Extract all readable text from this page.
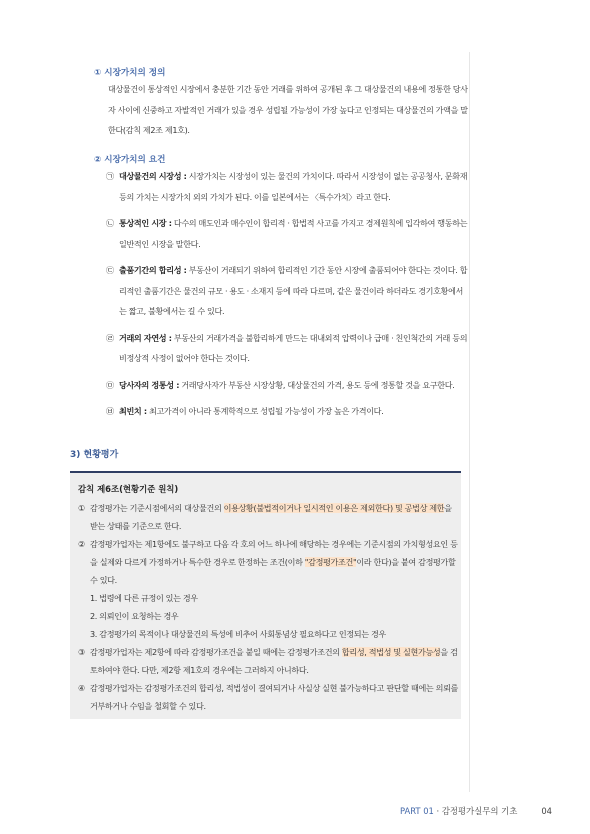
① 시장가치의 정의
대상물건이 통상적인 시장에서 충분한 기간 동안 거래를 위하여 공개된 후 그 대상물건의 내용에 정통한 당사자 사이에 신중하고 자발적인 거래가 있을 경우 성립될 가능성이 가장 높다고 인정되는 대상물건의 가액을 말한다(감칙 제2조 제1호).
② 시장가치의 요건
㉠ 대상물건의 시장성 : 시장가치는 시장성이 있는 물건의 가치이다. 따라서 시장성이 없는 공공청사, 문화재 등의 가치는 시장가치 외의 가치가 된다. 이를 일본에서는 〈특수가치〉라고 한다.
㉡ 통상적인 시장 : 다수의 매도인과 매수인이 합리적 · 합법적 사고를 가지고 경제원칙에 입각하여 행동하는 일반적인 시장을 말한다.
㉢ 출품기간의 합리성 : 부동산이 거래되기 위하여 합리적인 기간 동안 시장에 출품되어야 한다는 것이다. 합리적인 출품기간은 물건의 규모 · 용도 · 소재지 등에 따라 다르며, 같은 물건이라 하더라도 경기호황에서는 짧고, 불황에서는 길 수 있다.
㉣ 거래의 자연성 : 부동산의 거래가격을 불합리하게 만드는 대내외적 압력이나 급매 · 친인척간의 거래 등의 비정상적 사정이 없어야 한다는 것이다.
㉤ 당사자의 정통성 : 거래당사자가 부동산 시장상황, 대상물건의 가격, 용도 등에 정통할 것을 요구한다.
㉥ 최빈치 : 최고가격이 아니라 통계학적으로 성립될 가능성이 가장 높은 가격이다.
3) 현황평가
감칙 제6조(현황기준 원칙)
① 감정평가는 기준시점에서의 대상물건의 이용상황(불법적이거나 일시적인 이용은 제외한다) 및 공법상 제한을 받는 상태를 기준으로 한다.
② 감정평가업자는 제1항에도 불구하고 다음 각 호의 어느 하나에 해당하는 경우에는 기준시점의 가치형성요인 등을 실제와 다르게 가정하거나 특수한 경우로 한정하는 조건(이하 "감정평가조건"이라 한다)을 붙여 감정평가할 수 있다.
1. 법령에 다른 규정이 있는 경우
2. 의뢰인이 요청하는 경우
3. 감정평가의 목적이나 대상물건의 특성에 비추어 사회통념상 필요하다고 인정되는 경우
③ 감정평가업자는 제2항에 따라 감정평가조건을 붙일 때에는 감정평가조건의 합리성, 적법성 및 실현가능성을 검토하여야 한다. 다만, 제2항 제1호의 경우에는 그러하지 아니하다.
④ 감정평가업자는 감정평가조건의 합리성, 적법성이 결여되거나 사실상 실현 불가능하다고 판단할 때에는 의뢰를 거부하거나 수임을 철회할 수 있다.
PART 01 · 감정평가실무의 기초	04
